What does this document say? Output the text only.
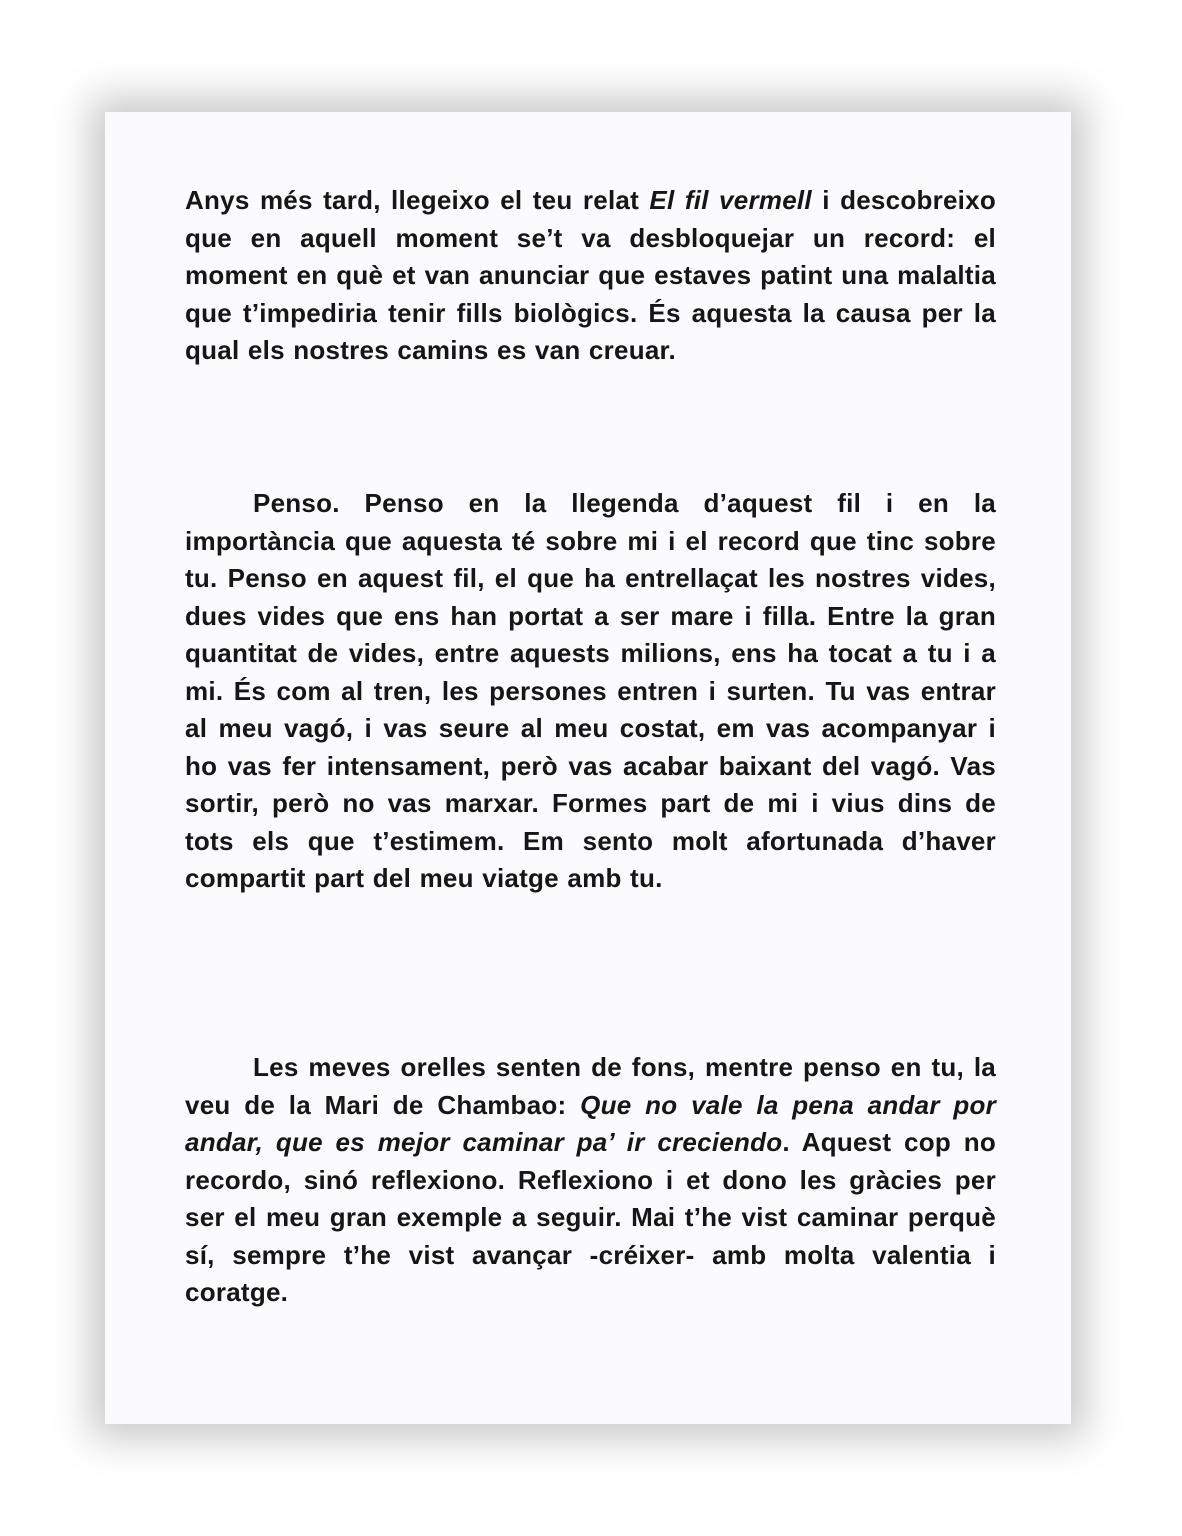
Anys més tard, llegeixo el teu relat El fil vermell i descobreixo que en aquell moment se’t va desbloquejar un record: el moment en què et van anunciar que estaves patint una malaltia que t’impediria tenir fills biològics. És aquesta la causa per la qual els nostres camins es van creuar.

Penso. Penso en la llegenda d’aquest fil i en la importància que aquesta té sobre mi i el record que tinc sobre tu. Penso en aquest fil, el que ha entrellaçat les nostres vides, dues vides que ens han portat a ser mare i filla. Entre la gran quantitat de vides, entre aquests milions, ens ha tocat a tu i a mi. És com al tren, les persones entren i surten. Tu vas entrar al meu vagó, i vas seure al meu costat, em vas acompanyar i ho vas fer intensament, però vas acabar baixant del vagó. Vas sortir, però no vas marxar. Formes part de mi i vius dins de tots els que t’estimem. Em sento molt afortunada d’haver compartit part del meu viatge amb tu.

Les meves orelles senten de fons, mentre penso en tu, la veu de la Mari de Chambao: Que no vale la pena andar por andar, que es mejor caminar pa’ ir creciendo. Aquest cop no recordo, sinó reflexiono. Reflexiono i et dono les gràcies per ser el meu gran exemple a seguir. Mai t’he vist caminar perquè sí, sempre t’he vist avançar -créixer- amb molta valentia i coratge.
